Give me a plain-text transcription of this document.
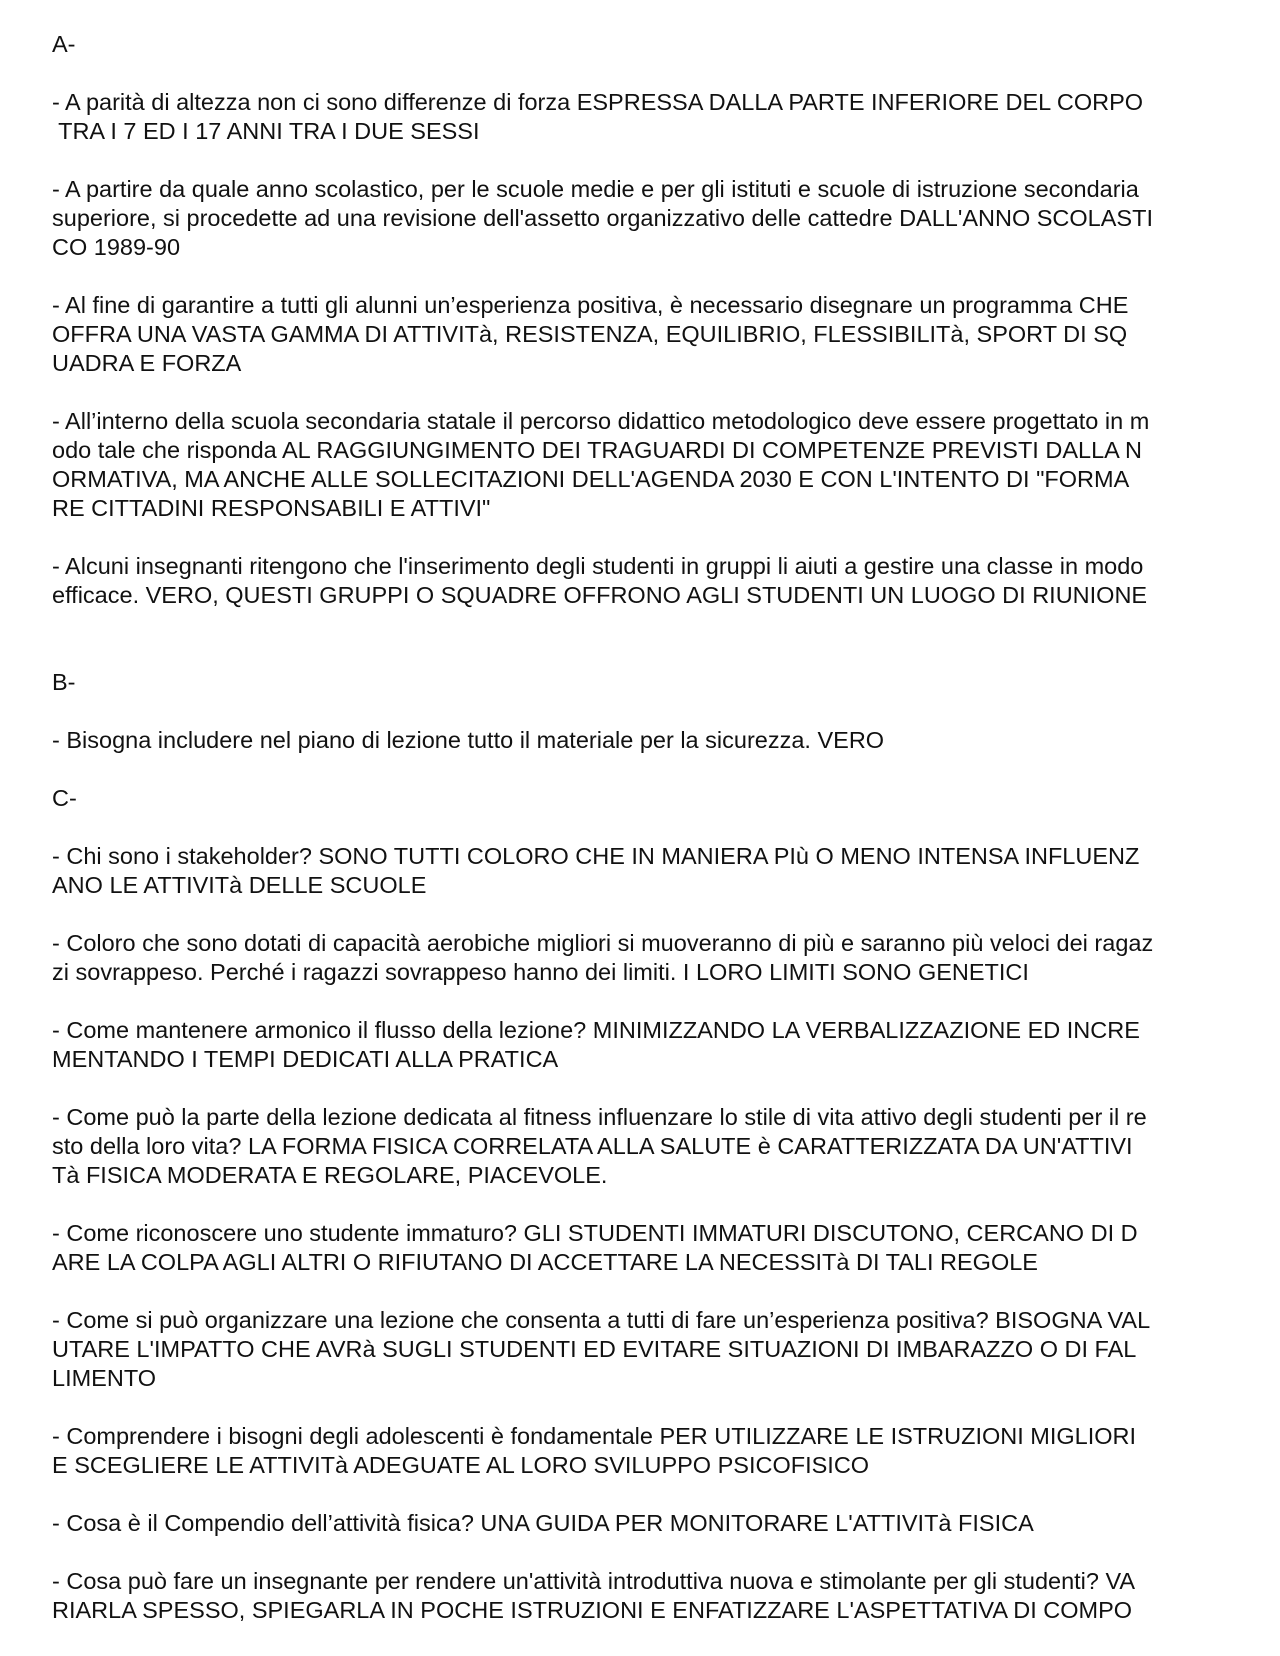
A-

- A parità di altezza non ci sono differenze di forza ESPRESSA DALLA PARTE INFERIORE DEL CORPO
TRA I 7 ED I 17 ANNI TRA I DUE SESSI

- A partire da quale anno scolastico, per le scuole medie e per gli istituti e scuole di istruzione secondaria
superiore, si procedette ad una revisione dell'assetto organizzativo delle cattedre DALL'ANNO SCOLASTI
CO 1989-90

- Al fine di garantire a tutti gli alunni un’esperienza positiva, è necessario disegnare un programma CHE
OFFRA UNA VASTA GAMMA DI ATTIVITà, RESISTENZA, EQUILIBRIO, FLESSIBILITà, SPORT DI SQ
UADRA E FORZA

- All’interno della scuola secondaria statale il percorso didattico metodologico deve essere progettato in m
odo tale che risponda AL RAGGIUNGIMENTO DEI TRAGUARDI DI COMPETENZE PREVISTI DALLA N
ORMATIVA, MA ANCHE ALLE SOLLECITAZIONI DELL'AGENDA 2030 E CON L'INTENTO DI "FORMA
RE CITTADINI RESPONSABILI E ATTIVI"

- Alcuni insegnanti ritengono che l'inserimento degli studenti in gruppi li aiuti a gestire una classe in modo
efficace. VERO, QUESTI GRUPPI O SQUADRE OFFRONO AGLI STUDENTI UN LUOGO DI RIUNIONE

B-

- Bisogna includere nel piano di lezione tutto il materiale per la sicurezza. VERO

C-

- Chi sono i stakeholder? SONO TUTTI COLORO CHE IN MANIERA PIù O MENO INTENSA INFLUENZ
ANO LE ATTIVITà DELLE SCUOLE

- Coloro che sono dotati di capacità aerobiche migliori si muoveranno di più e saranno più veloci dei ragaz
zi sovrappeso. Perché i ragazzi sovrappeso hanno dei limiti. I LORO LIMITI SONO GENETICI

- Come mantenere armonico il flusso della lezione? MINIMIZZANDO LA VERBALIZZAZIONE ED INCRE
MENTANDO I TEMPI DEDICATI ALLA PRATICA

- Come può la parte della lezione dedicata al fitness influenzare lo stile di vita attivo degli studenti per il re
sto della loro vita? LA FORMA FISICA CORRELATA ALLA SALUTE è CARATTERIZZATA DA UN'ATTIVI
Tà FISICA MODERATA E REGOLARE, PIACEVOLE.

- Come riconoscere uno studente immaturo? GLI STUDENTI IMMATURI DISCUTONO, CERCANO DI D
ARE LA COLPA AGLI ALTRI O RIFIUTANO DI ACCETTARE LA NECESSITà DI TALI REGOLE

- Come si può organizzare una lezione che consenta a tutti di fare un’esperienza positiva? BISOGNA VAL
UTARE L'IMPATTO CHE AVRà SUGLI STUDENTI ED EVITARE SITUAZIONI DI IMBARAZZO O DI FAL
LIMENTO

- Comprendere i bisogni degli adolescenti è fondamentale PER UTILIZZARE LE ISTRUZIONI MIGLIORI
E SCEGLIERE LE ATTIVITà ADEGUATE AL LORO SVILUPPO PSICOFISICO

- Cosa è il Compendio dell’attività fisica? UNA GUIDA PER MONITORARE L'ATTIVITà FISICA

- Cosa può fare un insegnante per rendere un'attività introduttiva nuova e stimolante per gli studenti? VA
RIARLA SPESSO, SPIEGARLA IN POCHE ISTRUZIONI E ENFATIZZARE L'ASPETTATIVA DI COMPO
